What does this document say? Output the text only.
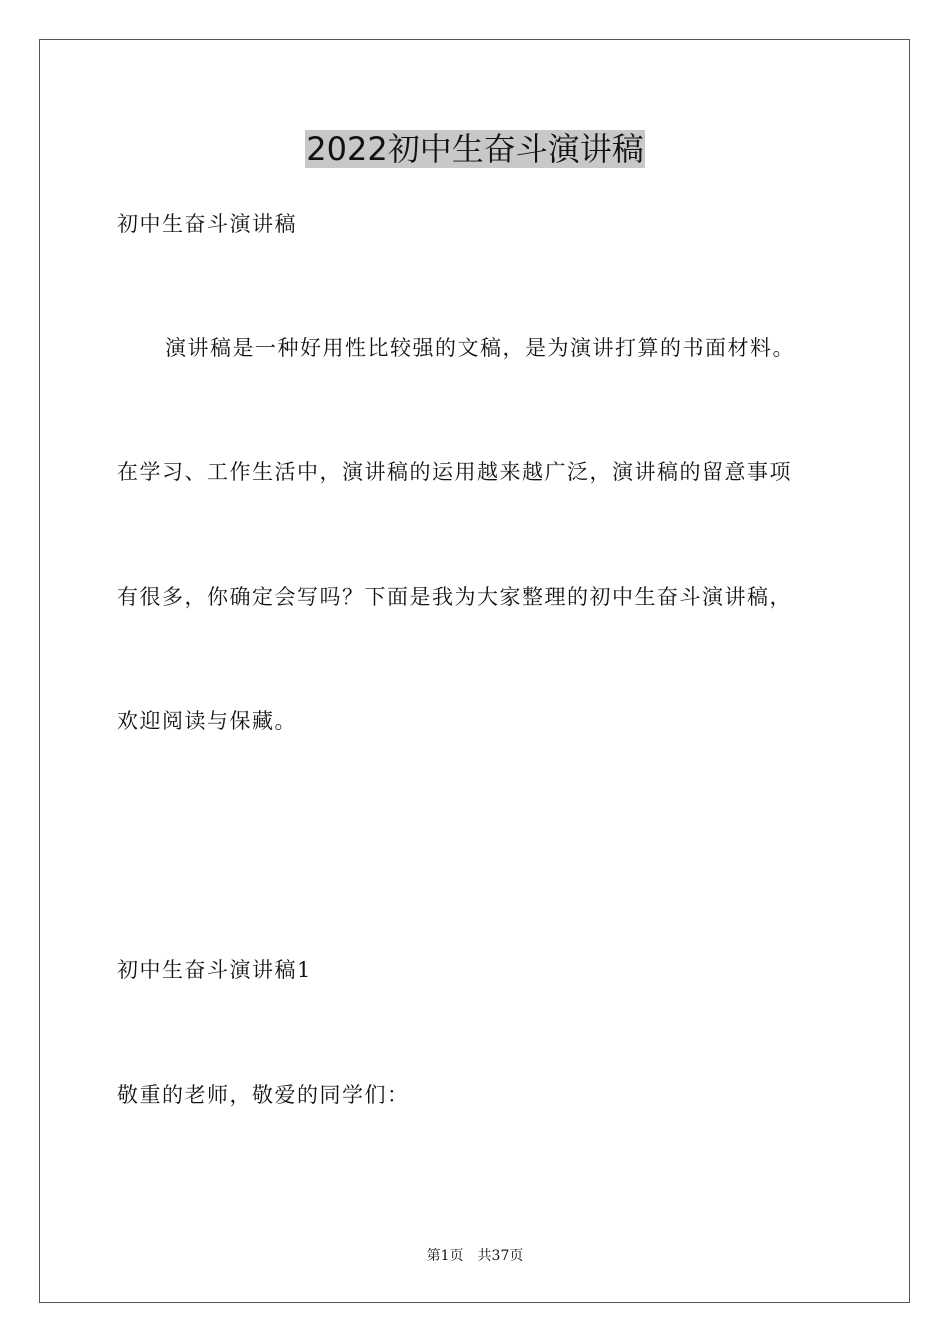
2022初中生奋斗演讲稿
初中生奋斗演讲稿
演讲稿是一种好用性比较强的文稿，是为演讲打算的书面材料。
在学习、工作生活中，演讲稿的运用越来越广泛，演讲稿的留意事项
有很多，你确定会写吗？下面是我为大家整理的初中生奋斗演讲稿，
欢迎阅读与保藏。
初中生奋斗演讲稿1
敬重的老师，敬爱的同学们：
第1页 共37页
